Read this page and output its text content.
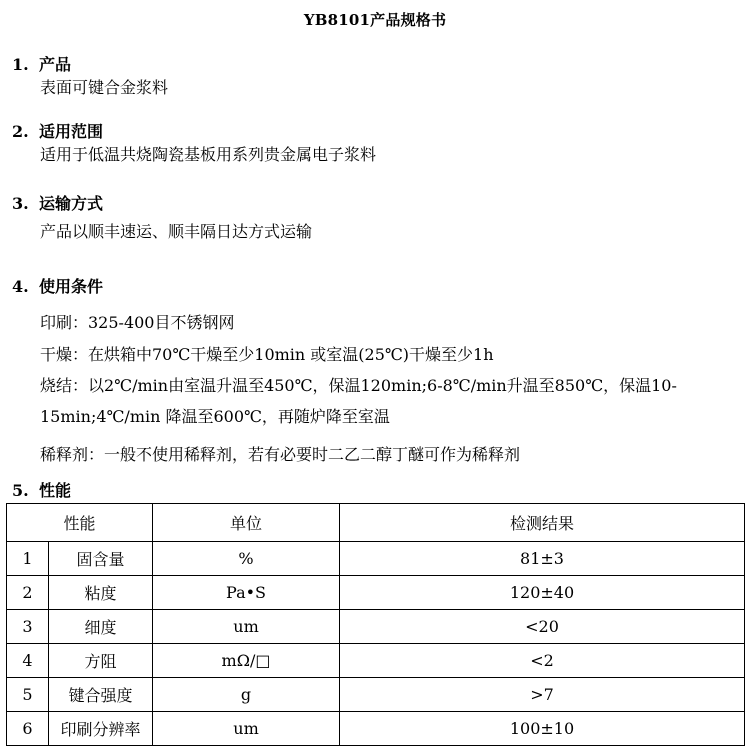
YB8101产品规格书
1. 产品
表面可键合金浆料
2. 适用范围
适用于低温共烧陶瓷基板用系列贵金属电子浆料
3. 运输方式
产品以顺丰速运、顺丰隔日达方式运输
4. 使用条件
印刷：325-400目不锈钢网
干燥：在烘箱中70℃干燥至少10min 或室温(25℃)干燥至少1h
烧结：以2℃/min由室温升温至450℃，保温120min;6-8℃/min升温至850℃，保温10-15min;4℃/min 降温至600℃，再随炉降至室温
稀释剂：一般不使用稀释剂，若有必要时二乙二醇丁醚可作为稀释剂
5. 性能
性能		单位	检测结果
1	固含量	%	81±3
2	粘度	Pa•S	120±40
3	细度	um	<20
4	方阻	mΩ/□	<2
5	键合强度	g	>7
6	印刷分辨率	um	100±10
